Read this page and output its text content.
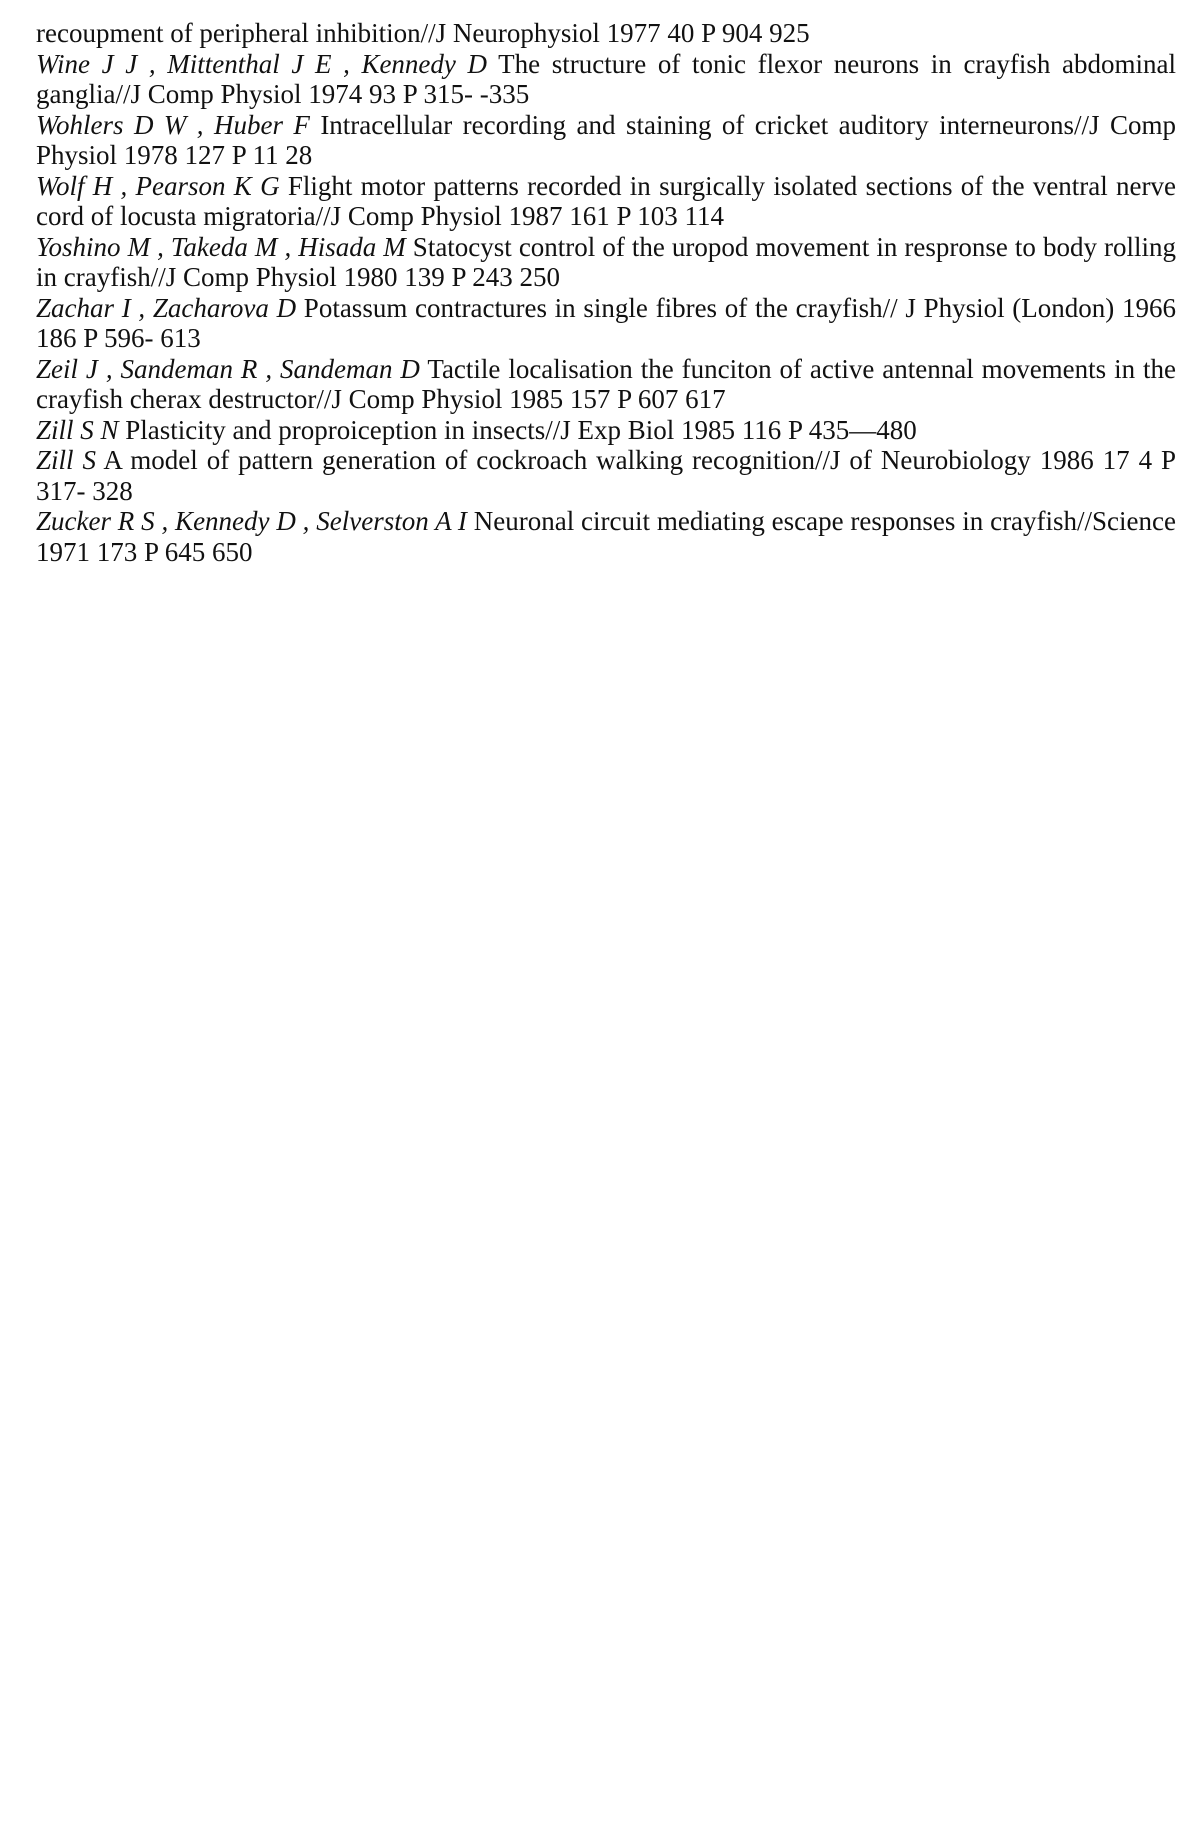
recoupment of peripheral inhibition//J Neurophysiol 1977 40 P 904 925

Wine J J , Mittenthal J E , Kennedy D The structure of tonic flexor neurons in crayfish abdominal ganglia//J Comp Physiol 1974 93 P 315- -335

Wohlers D W , Huber F Intracellular recording and staining of cricket auditory interneurons//J Comp Physiol 1978 127 P 11 28

Wolf H , Pearson K G Flight motor patterns recorded in surgically isolated sections of the ventral nerve cord of locusta migratoria//J Comp Physiol 1987 161 P 103 114

Yoshino M , Takeda M , Hisada M Statocyst control of the uropod movement in respronse to body rolling in crayfish//J Comp Physiol 1980 139 P 243 250

Zachar I , Zacharova D Potassum contractures in single fibres of the crayfish// J Physiol (London) 1966 186 P 596- 613

Zeil J , Sandeman R , Sandeman D Tactile localisation the funciton of active antennal movements in the crayfish cherax destructor//J Comp Physiol 1985 157 P 607 617

Zill S N Plasticity and proproiception in insects//J Exp Biol 1985 116 P 435—480

Zill S A model of pattern generation of cockroach walking recognition//J of Neurobiology 1986 17 4 P 317- 328

Zucker R S , Kennedy D , Selverston A I Neuronal circuit mediating escape responses in crayfish//Science 1971 173 P 645 650
